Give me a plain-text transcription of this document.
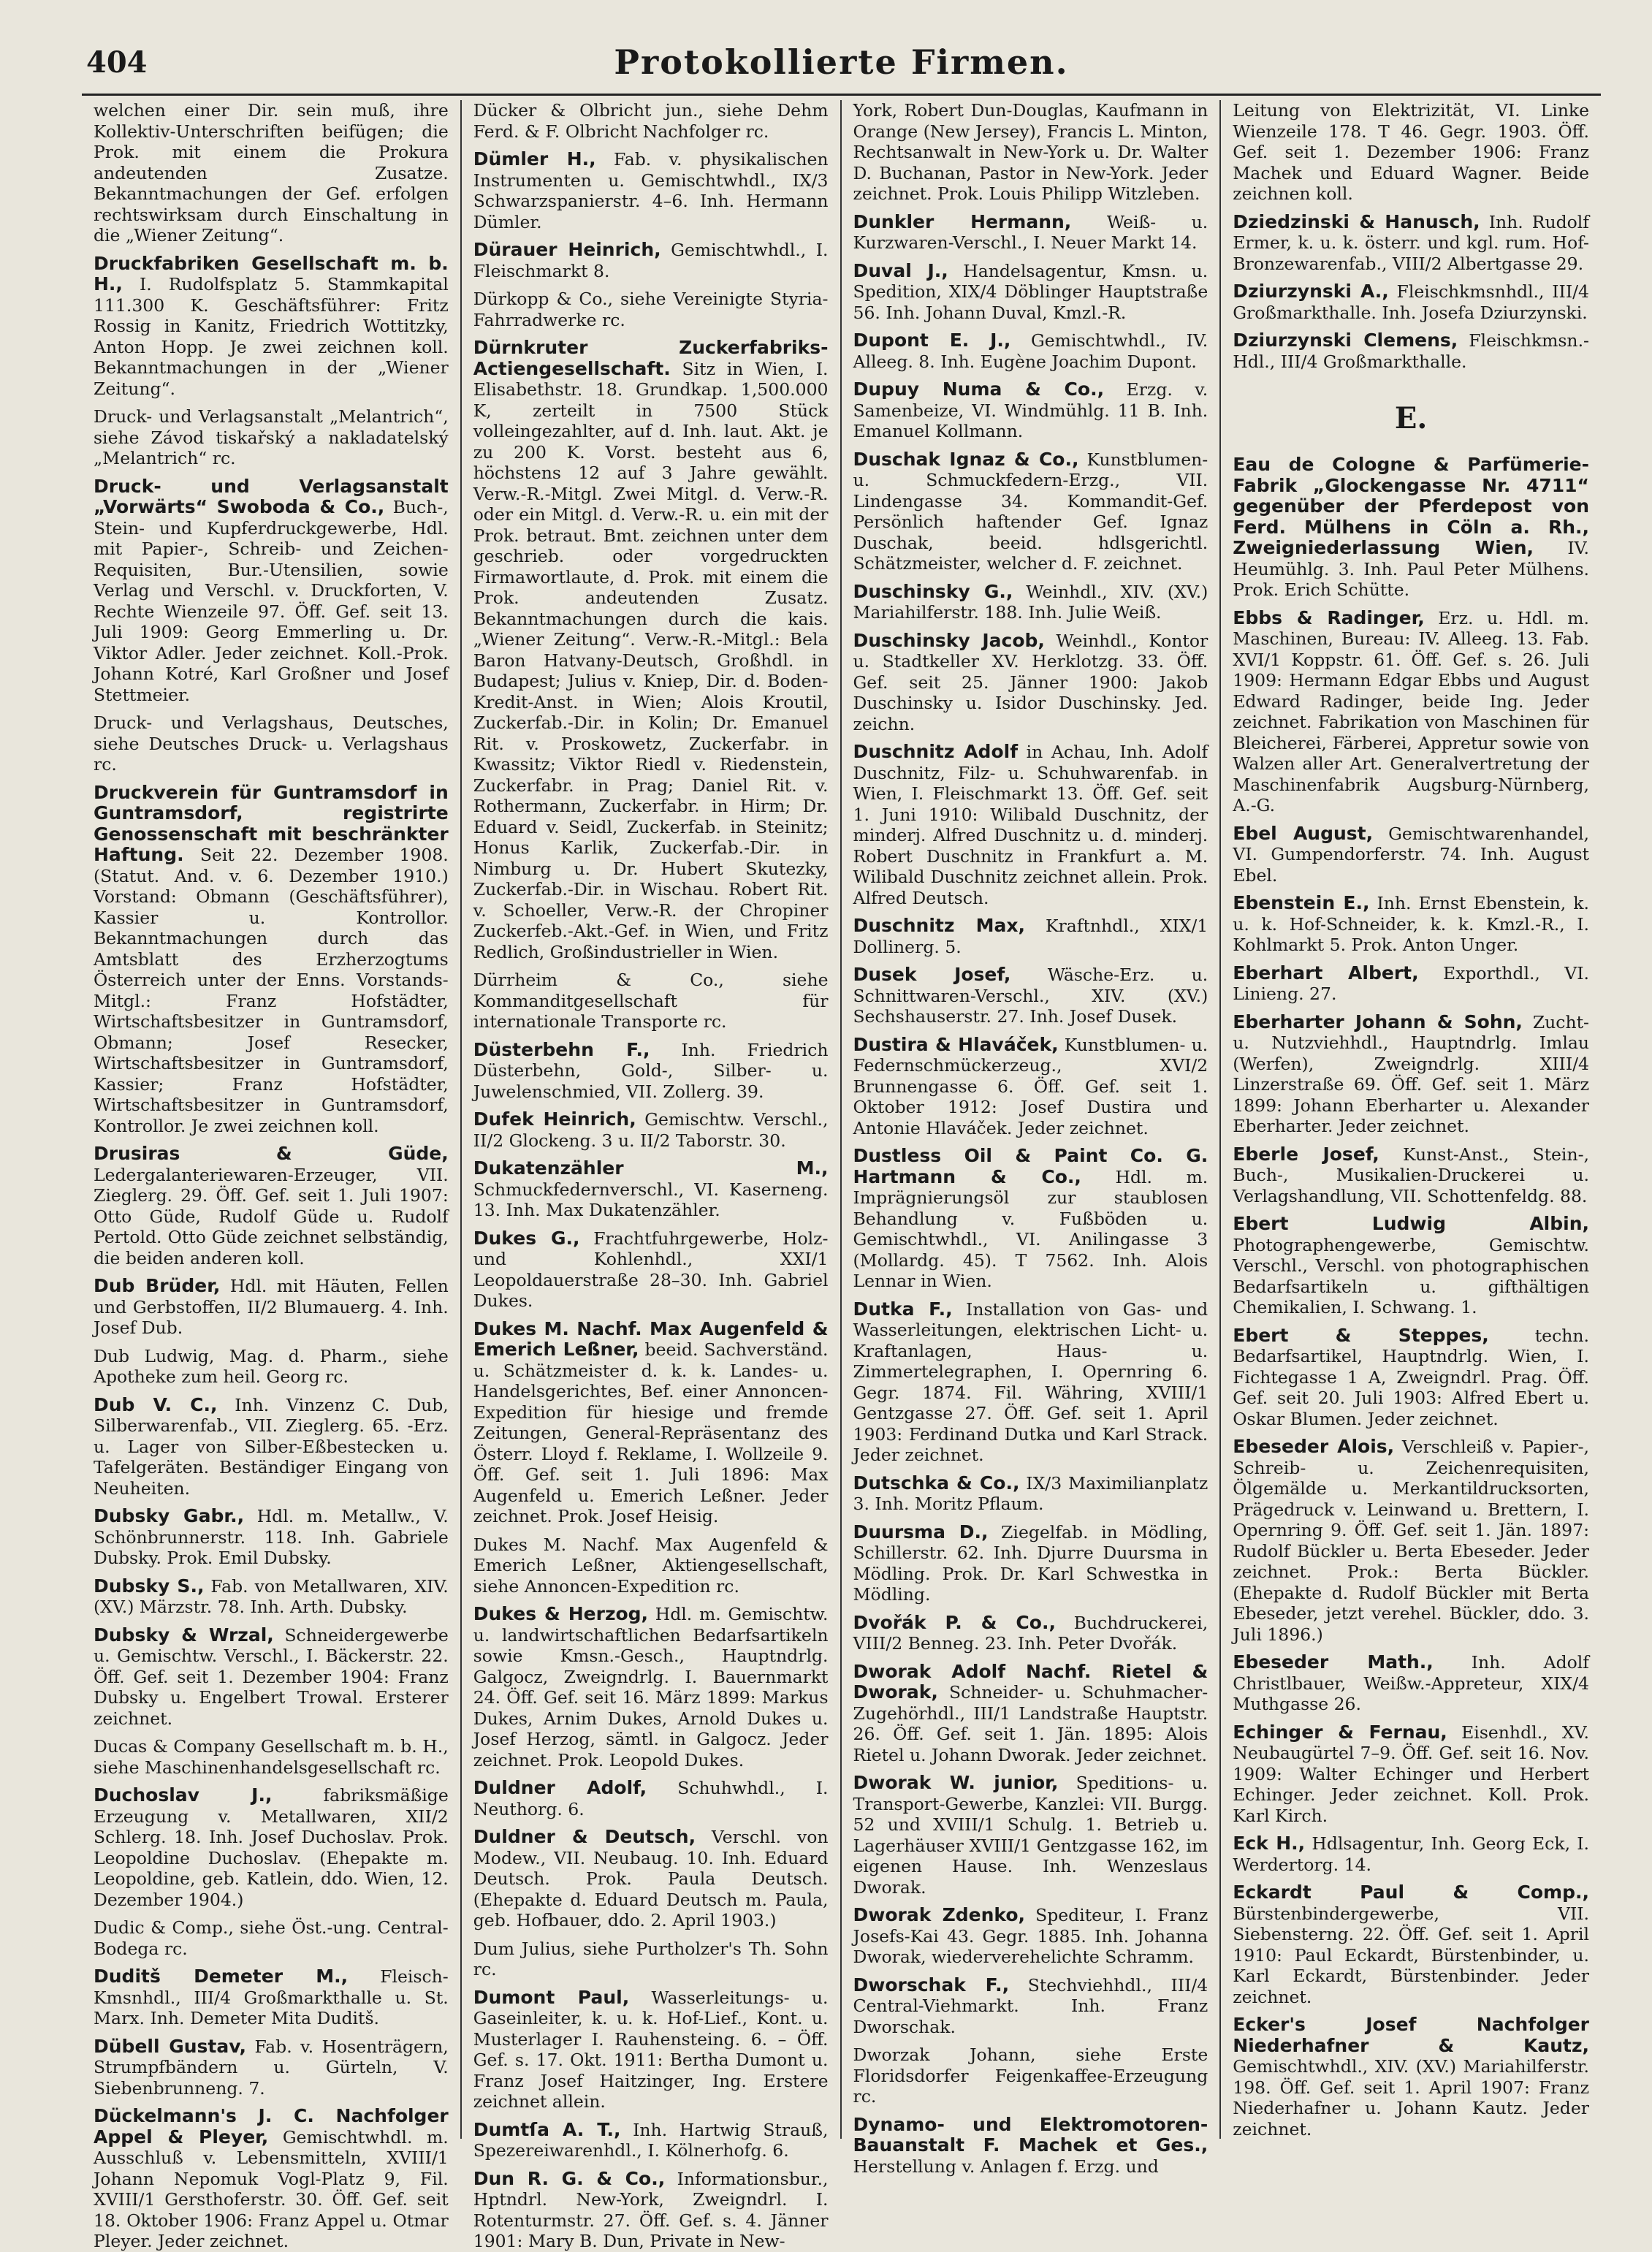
404	Protokollierte Firmen.

welchen einer Dir. sein muß, ihre Kollektiv-Unterschriften beifügen; die Prok. mit einem die Prokura andeutenden Zusatze. Bekanntmachungen der Gef. erfolgen rechtswirksam durch Einschaltung in die „Wiener Zeitung“.

Druckfabriken Gesellschaft m. b. H., I. Rudolfsplatz 5. Stammkapital 111.300 K. Geschäftsführer: Fritz Rossig in Kanitz, Friedrich Wottitzky, Anton Hopp. Je zwei zeichnen koll. Bekanntmachungen in der „Wiener Zeitung“.

Druck- und Verlagsanstalt „Melantrich“, siehe Závod tiskařský a nakladatelský „Melantrich“ rc.

Druck- und Verlagsanstalt „Vorwärts“ Swoboda & Co., Buch-, Stein- und Kupferdruckgewerbe, Hdl. mit Papier-, Schreib- und Zeichen-Requisiten, Bur.-Utensilien, sowie Verlag und Verschl. v. Druckforten, V. Rechte Wienzeile 97. Öff. Gef. seit 13. Juli 1909: Georg Emmerling u. Dr. Viktor Adler. Jeder zeichnet. Koll.-Prok. Johann Kotré, Karl Großner und Josef Stettmeier.

Druck- und Verlagshaus, Deutsches, siehe Deutsches Druck- u. Verlagshaus rc.

Druckverein für Guntramsdorf in Guntramsdorf, registrirte Genossenschaft mit beschränkter Haftung. Seit 22. Dezember 1908. (Statut. And. v. 6. Dezember 1910.) Vorstand: Obmann (Geschäftsführer), Kassier u. Kontrollor. Bekanntmachungen durch das Amtsblatt des Erzherzogtums Österreich unter der Enns. Vorstands-Mitgl.: Franz Hofstädter, Wirtschaftsbesitzer in Guntramsdorf, Obmann; Josef Resecker, Wirtschaftsbesitzer in Guntramsdorf, Kassier; Franz Hofstädter, Wirtschaftsbesitzer in Guntramsdorf, Kontrollor. Je zwei zeichnen koll.

Drusiras & Güde, Ledergalanteriewaren-Erzeuger, VII. Zieglerg. 29. Öff. Gef. seit 1. Juli 1907: Otto Güde, Rudolf Güde u. Rudolf Pertold. Otto Güde zeichnet selbständig, die beiden anderen koll.

Dub Brüder, Hdl. mit Häuten, Fellen und Gerbstoffen, II/2 Blumauerg. 4. Inh. Josef Dub.

Dub Ludwig, Mag. d. Pharm., siehe Apotheke zum heil. Georg rc.

Dub V. C., Inh. Vinzenz C. Dub, Silberwarenfab., VII. Zieglerg. 65. -Erz. u. Lager von Silber-Eßbestecken u. Tafelgeräten. Beständiger Eingang von Neuheiten.

Dubsky Gabr., Hdl. m. Metallw., V. Schönbrunnerstr. 118. Inh. Gabriele Dubsky. Prok. Emil Dubsky.

Dubsky S., Fab. von Metallwaren, XIV. (XV.) Märzstr. 78. Inh. Arth. Dubsky.

Dubsky & Wrzal, Schneidergewerbe u. Gemischtw. Verschl., I. Bäckerstr. 22. Öff. Gef. seit 1. Dezember 1904: Franz Dubsky u. Engelbert Trowal. Ersterer zeichnet.

Ducas & Company Gesellschaft m. b. H., siehe Maschinenhandelsgesellschaft rc.

Duchoslav J.,	fabriksmäßige Erzeugung v. Metallwaren, XII/2 Schlerg. 18. Inh. Josef Duchoslav. Prok. Leopoldine Duchoslav. (Ehepakte m. Leopoldine, geb. Katlein, ddo. Wien, 12. Dezember 1904.)

Dudic & Comp., siehe Öst.-ung. Central-Bodega rc.

Duditš Demeter M., Fleisch-Kmsnhdl., III/4 Großmarkthalle u. St. Marx. Inh. Demeter Mita Duditš.

Dübell Gustav, Fab. v. Hosenträgern, Strumpfbändern u. Gürteln, V. Siebenbrunneng. 7.

Dückelmann's J. C. Nachfolger Appel & Pleyer, Gemischtwhdl. m. Ausschluß v. Lebensmitteln, XVIII/1 Johann Nepomuk Vogl-Platz 9, Fil. XVIII/1 Gersthoferstr. 30. Öff. Gef. seit 18. Oktober 1906: Franz Appel u. Otmar Pleyer. Jeder zeichnet.

Dücker & Olbricht jun., siehe Dehm Ferd. & F. Olbricht Nachfolger rc.

Dümler H., Fab. v. physikalischen Instrumenten u. Gemischtwhdl., IX/3 Schwarzspanierstr. 4–6. Inh. Hermann Dümler.

Dürauer Heinrich, Gemischtwhdl., I. Fleischmarkt 8.

Dürkopp & Co., siehe Vereinigte Styria-Fahrradwerke rc.

Dürnkruter Zuckerfabriks-Actiengesellschaft. Sitz in Wien, I. Elisabethstr. 18. Grundkap. 1,500.000 K, zerteilt in 7500 Stück volleingezahlter, auf d. Inh. laut. Akt. je zu 200 K. Vorst. besteht aus 6, höchstens 12 auf 3 Jahre gewählt. Verw.-R.-Mitgl. Zwei Mitgl. d. Verw.-R. oder ein Mitgl. d. Verw.-R. u. ein mit der Prok. betraut. Bmt. zeichnen unter dem geschrieb. oder vorgedruckten Firmawortlaute, d. Prok. mit einem die Prok. andeutenden Zusatz. Bekanntmachungen durch die kais. „Wiener Zeitung“. Verw.-R.-Mitgl.: Bela Baron Hatvany-Deutsch, Großhdl. in Budapest; Julius v. Kniep, Dir. d. Boden-Kredit-Anst. in Wien; Alois Kroutil, Zuckerfab.-Dir. in Kolin; Dr. Emanuel Rit. v. Proskowetz, Zuckerfabr. in Kwassitz; Viktor Riedl v. Riedenstein, Zuckerfabr. in Prag; Daniel Rit. v. Rothermann, Zuckerfabr. in Hirm; Dr. Eduard v. Seidl, Zuckerfab. in Steinitz; Honus Karlik, Zuckerfab.-Dir. in Nimburg u. Dr. Hubert Skutezky, Zuckerfab.-Dir. in Wischau. Robert Rit. v. Schoeller, Verw.-R. der Chropiner Zuckerfeb.-Akt.-Gef. in Wien, und Fritz Redlich, Großindustrieller in Wien.

Dürrheim & Co., siehe Kommanditgesellschaft für internationale Transporte rc.

Düsterbehn F., Inh. Friedrich Düsterbehn, Gold-, Silber- u. Juwelenschmied, VII. Zollerg. 39.

Dufek Heinrich, Gemischtw. Verschl., II/2 Glockeng. 3 u. II/2 Taborstr. 30.

Dukatenzähler M., Schmuckfedernverschl., VI. Kaserneng. 13. Inh. Max Dukatenzähler.

Dukes G., Frachtfuhrgewerbe, Holz- und Kohlenhdl., XXI/1 Leopoldauerstraße 28–30. Inh. Gabriel Dukes.

Dukes M. Nachf. Max Augenfeld & Emerich Leßner, beeid. Sachverständ. u. Schätzmeister d. k. k. Landes- u. Handelsgerichtes, Bef. einer Annoncen-Expedition für hiesige und fremde Zeitungen, General-Repräsentanz des Österr. Lloyd f. Reklame, I. Wollzeile 9. Öff. Gef. seit 1. Juli 1896: Max Augenfeld u. Emerich Leßner. Jeder zeichnet. Prok. Josef Heisig.

Dukes M. Nachf. Max Augenfeld & Emerich Leßner, Aktiengesellschaft, siehe Annoncen-Expedition rc.

Dukes & Herzog, Hdl. m. Gemischtw. u. landwirtschaftlichen Bedarfsartikeln sowie Kmsn.-Gesch., Hauptndrlg. Galgocz, Zweigndrlg. I. Bauernmarkt 24. Öff. Gef. seit 16. März 1899: Markus Dukes, Arnim Dukes, Arnold Dukes u. Josef Herzog, sämtl. in Galgocz. Jeder zeichnet. Prok. Leopold Dukes.

Duldner Adolf, Schuhwhdl., I. Neuthorg. 6.

Duldner & Deutsch, Verschl. von Modew., VII. Neubaug. 10. Inh. Eduard Deutsch. Prok. Paula Deutsch. (Ehepakte d. Eduard Deutsch m. Paula, geb. Hofbauer, ddo. 2. April 1903.)

Dum Julius, siehe Purtholzer's Th. Sohn rc.

Dumont Paul, Wasserleitungs- u. Gaseinleiter, k. u. k. Hof-Lief., Kont. u. Musterlager I. Rauhensteing. 6. – Öff. Gef. s. 17. Okt. 1911: Bertha Dumont u. Franz Josef Haitzinger, Ing. Erstere zeichnet allein.

Dumtſa A. T., Inh. Hartwig Strauß, Spezereiwarenhdl., I. Kölnerhofg. 6.

Dun R. G. & Co., Informationsbur., Hptndrl. New-York, Zweigndrl. I. Rotenturmstr. 27. Öff. Gef. s. 4. Jänner 1901: Mary B. Dun, Private in New-

York, Robert Dun-Douglas, Kaufmann in Orange (New Jersey), Francis L. Minton, Rechtsanwalt in New-York u. Dr. Walter D. Buchanan, Pastor in New-York. Jeder zeichnet. Prok. Louis Philipp Witzleben.

Dunkler Hermann, Weiß- u. Kurzwaren-Verschl., I. Neuer Markt 14.

Duval J., Handelsagentur, Kmsn. u. Spedition, XIX/4 Döblinger Hauptstraße 56. Inh. Johann Duval, Kmzl.-R.

Dupont E. J., Gemischtwhdl., IV. Alleeg. 8. Inh. Eugène Joachim Dupont.

Dupuy Numa & Co., Erzg. v. Samenbeize, VI. Windmühlg. 11 B. Inh. Emanuel Kollmann.

Duschak Ignaz & Co., Kunstblumen- u. Schmuckfedern-Erzg., VII. Lindengasse 34. Kommandit-Gef. Persönlich haftender Gef. Ignaz Duschak, beeid. hdlsgerichtl. Schätzmeister, welcher d. F. zeichnet.

Duschinsky G., Weinhdl., XIV. (XV.) Mariahilferstr. 188. Inh. Julie Weiß.

Duschinsky Jacob, Weinhdl., Kontor u. Stadtkeller XV. Herklotzg. 33. Öff. Gef. seit 25. Jänner 1900: Jakob Duschinsky u. Isidor Duschinsky. Jed. zeichn.

Duschnitz Adolf in Achau, Inh. Adolf Duschnitz, Filz- u. Schuhwarenfab. in Wien, I. Fleischmarkt 13. Öff. Gef. seit 1. Juni 1910: Wilibald Duschnitz, der minderj. Alfred Duschnitz u. d. minderj. Robert Duschnitz in Frankfurt a. M. Wilibald Duschnitz zeichnet allein. Prok. Alfred Deutsch.

Duschnitz Max, Kraftnhdl., XIX/1 Dollinerg. 5.

Dusek Josef, Wäsche-Erz. u. Schnittwaren-Verschl., XIV. (XV.) Sechshauserstr. 27. Inh. Josef Dusek.

Dustira & Hlaváček, Kunstblumen- u. Federnschmückerzeug., XVI/2 Brunnengasse 6. Öff. Gef. seit 1. Oktober 1912: Josef Dustira und Antonie Hlaváček. Jeder zeichnet.

Dustless Oil & Paint Co. G. Hartmann & Co., Hdl. m. Imprägnierungsöl zur staublosen Behandlung v. Fußböden u. Gemischtwhdl., VI. Anilingasse 3 (Mollardg. 45). T 7562. Inh. Alois Lennar in Wien.

Dutka F., Installation von Gas- und Wasserleitungen, elektrischen Licht- u. Kraftanlagen, Haus- u. Zimmertelegraphen, I. Opernring 6. Gegr. 1874. Fil. Währing, XVIII/1 Gentzgasse 27. Öff. Gef. seit 1. April 1903: Ferdinand Dutka und Karl Strack. Jeder zeichnet.

Dutschka & Co., IX/3 Maximilianplatz 3. Inh. Moritz Pflaum.

Duursma D., Ziegelfab. in Mödling, Schillerstr. 62. Inh. Djurre Duursma in Mödling. Prok. Dr. Karl Schwestka in Mödling.

Dvořák P. & Co., Buchdruckerei, VIII/2 Benneg. 23. Inh. Peter Dvořák.

Dworak Adolf Nachf. Rietel & Dworak, Schneider- u. Schuhmacher-Zugehörhdl., III/1 Landstraße Hauptstr. 26. Öff. Gef. seit 1. Jän. 1895: Alois Rietel u. Johann Dworak. Jeder zeichnet.

Dworak W. junior, Speditions- u. Transport-Gewerbe, Kanzlei: VII. Burgg. 52 und XVIII/1 Schulg. 1. Betrieb u. Lagerhäuser XVIII/1 Gentzgasse 162, im eigenen Hause. Inh. Wenzeslaus Dworak.

Dworak Zdenko, Spediteur, I. Franz Josefs-Kai 43. Gegr. 1885. Inh. Johanna Dworak, wiederverehelichte Schramm.

Dworschak F., Stechviehhdl., III/4 Central-Viehmarkt. Inh. Franz Dworschak.

Dworzak Johann, siehe Erste Floridsdorfer Feigenkaffee-Erzeugung rc.

Dynamo- und Elektromotoren-Bauanstalt F. Machek et Ges., Herstellung v. Anlagen f. Erzg. und

Leitung von Elektrizität, VI. Linke Wienzeile 178. T 46. Gegr. 1903. Öff. Gef. seit 1. Dezember 1906: Franz Machek und Eduard Wagner. Beide zeichnen koll.

Dziedzinski & Hanusch, Inh. Rudolf Ermer, k. u. k. österr. und kgl. rum. Hof-Bronzewarenfab., VIII/2 Albertgasse 29.

Dziurzynski A., Fleischkmsnhdl., III/4 Großmarkthalle. Inh. Josefa Dziurzynski.

Dziurzynski Clemens, Fleischkmsn.-Hdl., III/4 Großmarkthalle.

E.

Eau de Cologne & Parfümerie-Fabrik „Glockengasse Nr. 4711“ gegenüber der Pferdepost von Ferd. Mülhens in Cöln a. Rh., Zweigniederlassung Wien, IV. Heumühlg. 3. Inh. Paul Peter Mülhens. Prok. Erich Schütte.

Ebbs & Radinger, Erz. u. Hdl. m. Maschinen, Bureau: IV. Alleeg. 13. Fab. XVI/1 Koppstr. 61. Öff. Gef. s. 26. Juli 1909: Hermann Edgar Ebbs und August Edward Radinger, beide Ing. Jeder zeichnet. Fabrikation von Maschinen für Bleicherei, Färberei, Appretur sowie von Walzen aller Art. Generalvertretung der Maschinenfabrik Augsburg-Nürnberg, A.-G.

Ebel August, Gemischtwarenhandel, VI. Gumpendorferstr. 74. Inh. August Ebel.

Ebenstein E., Inh. Ernst Ebenstein, k. u. k. Hof-Schneider, k. k. Kmzl.-R., I. Kohlmarkt 5. Prok. Anton Unger.

Eberhart Albert, Exporthdl., VI. Linieng. 27.

Eberharter Johann & Sohn, Zucht- u. Nutzviehhdl., Hauptndrlg. Imlau (Werfen), Zweigndrlg. XIII/4 Linzerstraße 69. Öff. Gef. seit 1. März 1899: Johann Eberharter u. Alexander Eberharter. Jeder zeichnet.

Eberle Josef, Kunst-Anst., Stein-, Buch-, Musikalien-Druckerei u. Verlagshandlung, VII. Schottenfeldg. 88.

Ebert Ludwig Albin, Photographengewerbe, Gemischtw. Verschl., Verschl. von photographischen Bedarfsartikeln u. gifthältigen Chemikalien, I. Schwang. 1.

Ebert & Steppes,	techn. Bedarfsartikel, Hauptndrlg. Wien, I. Fichtegasse 1 A, Zweigndrl. Prag. Öff. Gef. seit 20. Juli 1903: Alfred Ebert u. Oskar Blumen. Jeder zeichnet.

Ebeseder Alois, Verschleiß v. Papier-, Schreib- u. Zeichenrequisiten, Ölgemälde u. Merkantildrucksorten, Prägedruck v. Leinwand u. Brettern, I. Opernring 9. Öff. Gef. seit 1. Jän. 1897: Rudolf Bückler u. Berta Ebeseder. Jeder zeichnet. Prok.: Berta Bückler. (Ehepakte d. Rudolf Bückler mit Berta Ebeseder, jetzt verehel. Bückler, ddo. 3. Juli 1896.)

Ebeseder Math., Inh. Adolf Christlbauer, Weißw.-Appreteur, XIX/4 Muthgasse 26.

Echinger & Fernau, Eisenhdl., XV. Neubaugürtel 7–9. Öff. Gef. seit 16. Nov. 1909: Walter Echinger und Herbert Echinger. Jeder zeichnet. Koll. Prok. Karl Kirch.

Eck H., Hdlsagentur, Inh. Georg Eck, I. Werdertorg. 14.

Eckardt Paul & Comp., Bürstenbindergewerbe, VII. Siebensterng. 22. Öff. Gef. seit 1. April 1910: Paul Eckardt, Bürstenbinder, u. Karl Eckardt, Bürstenbinder. Jeder zeichnet.

Ecker's Josef Nachfolger Niederhafner & Kautz, Gemischtwhdl., XIV. (XV.) Mariahilferstr. 198. Öff. Gef. seit 1. April 1907: Franz Niederhafner u. Johann Kautz. Jeder zeichnet.
